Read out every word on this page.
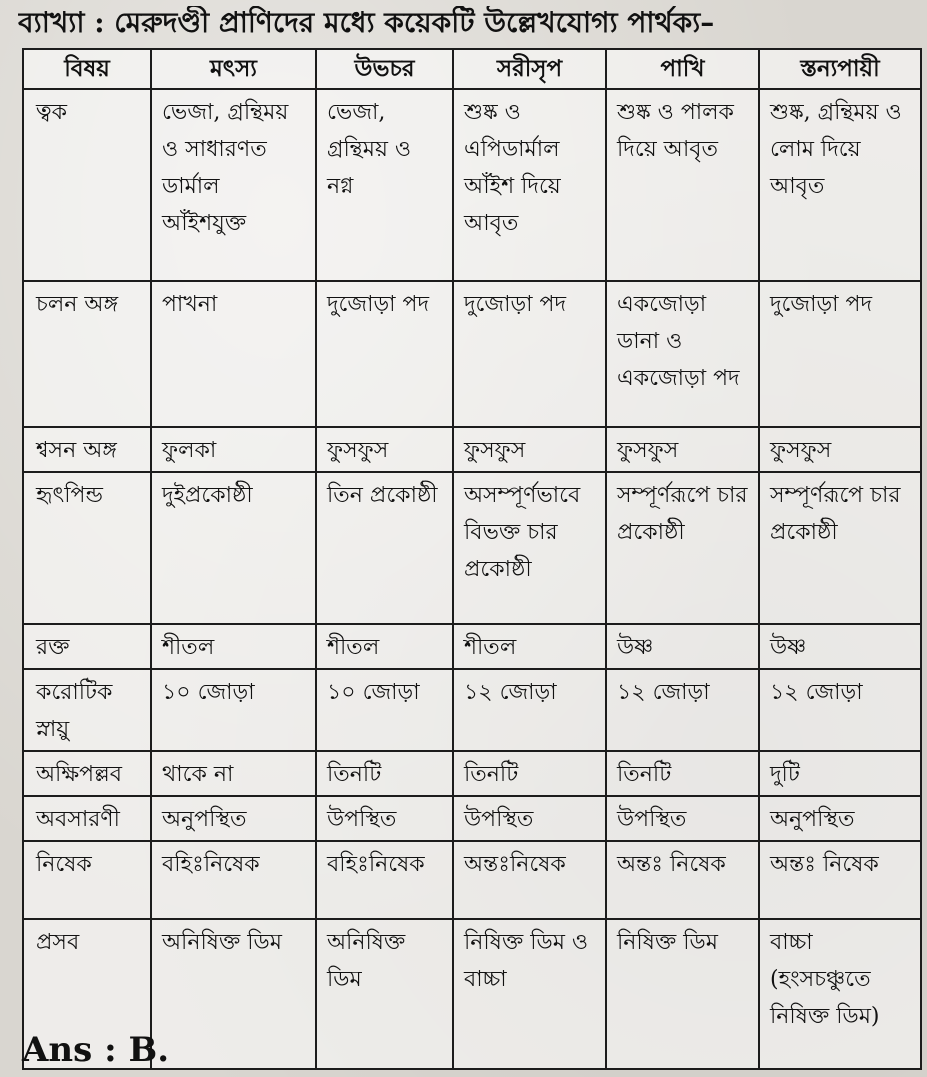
ব্যাখ্যা : মেরুদণ্ডী প্রাণিদের মধ্যে কয়েকটি উল্লেখযোগ্য পার্থক্য–
বিষয়	মৎস্য	উভচর	সরীসৃপ	পাখি	স্তন্যপায়ী
ত্বক	ভেজা, গ্রন্থিময় ও সাধারণত ডার্মাল আঁইশযুক্ত	ভেজা, গ্রন্থিময় ও নগ্ন	শুষ্ক ও এপিডার্মাল আঁইশ দিয়ে আবৃত	শুষ্ক ও পালক দিয়ে আবৃত	শুষ্ক, গ্রন্থিময় ও লোম দিয়ে আবৃত
চলন অঙ্গ	পাখনা	দুজোড়া পদ	দুজোড়া পদ	একজোড়া ডানা ও একজোড়া পদ	দুজোড়া পদ
শ্বসন অঙ্গ	ফুলকা	ফুসফুস	ফুসফুস	ফুসফুস	ফুসফুস
হৃৎপিন্ড	দুইপ্রকোষ্ঠী	তিন প্রকোষ্ঠী	অসম্পূর্ণভাবে বিভক্ত চার প্রকোষ্ঠী	সম্পূর্ণরূপে চার প্রকোষ্ঠী	সম্পূর্ণরূপে চার প্রকোষ্ঠী
রক্ত	শীতল	শীতল	শীতল	উষ্ণ	উষ্ণ
করোটিক স্নায়ু	১০ জোড়া	১০ জোড়া	১২ জোড়া	১২ জোড়া	১২ জোড়া
অক্ষিপল্লব	থাকে না	তিনটি	তিনটি	তিনটি	দুটি
অবসারণী	অনুপস্থিত	উপস্থিত	উপস্থিত	উপস্থিত	অনুপস্থিত
নিষেক	বহিঃনিষেক	বহিঃনিষেক	অন্তঃনিষেক	অন্তঃ নিষেক	অন্তঃ নিষেক
প্রসব	অনিষিক্ত ডিম	অনিষিক্ত ডিম	নিষিক্ত ডিম ও বাচ্চা	নিষিক্ত ডিম	বাচ্চা (হংসচঞ্চুতে নিষিক্ত ডিম)
Ans : B.
